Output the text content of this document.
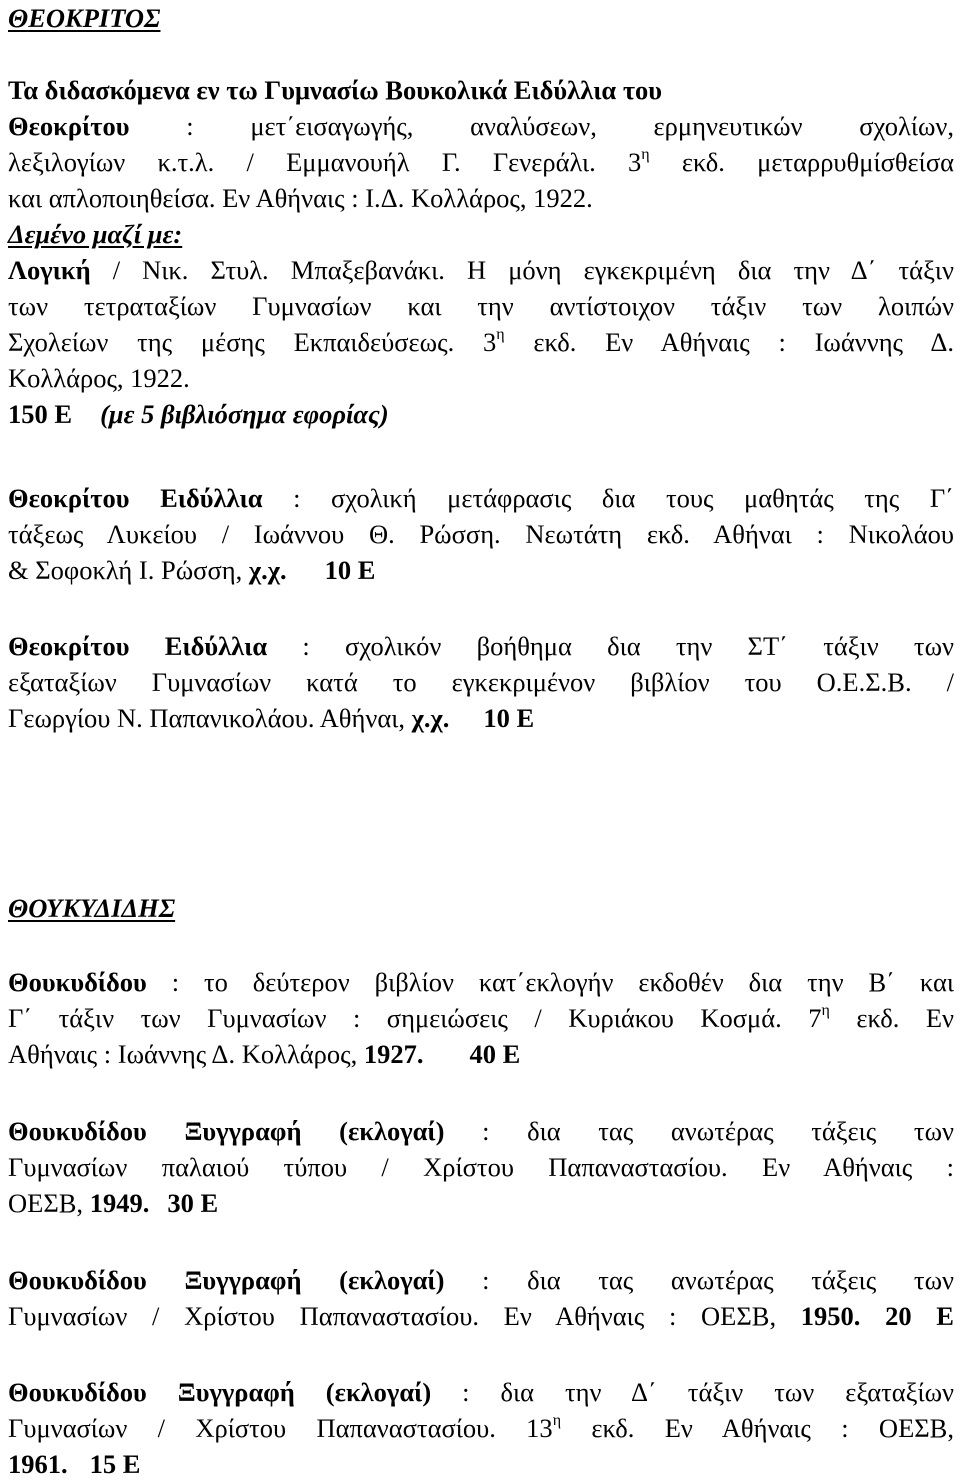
ΘΕΟΚΡΙΤΟΣ
Τα διδασκόμενα εν τω Γυμνασίω Βουκολικά Ειδύλλια του
Θεοκρίτου : μετ΄εισαγωγής, αναλύσεων, ερμηνευτικών σχολίων,
λεξιλογίων κ.τ.λ. / Εμμανουήλ Γ. Γενεράλι. $3^\eta$ εκδ. μεταρρυθμίσθείσα
και απλοποιηθείσα. Εν Αθήναις : Ι.Δ. Κολλάρος, 1922.
Δεμένο μαζί με:
Λογική / Νικ. Στυλ. Μπαξεβανάκι. Η μόνη εγκεκριμένη δια την Δ΄ τάξιν
των τετραταξίων Γυμνασίων και την αντίστοιχον τάξιν των λοιπών
Σχολείων της μέσης Εκπαιδεύσεως. $3^\eta$ εκδ. Εν Αθήναις : Ιωάννης Δ.
Κολλάρος, 1922.
150 Ε (με 5 βιβλιόσημα εφορίας)
Θεοκρίτου Ειδύλλια : σχολική μετάφρασις δια τους μαθητάς της Γ΄
τάξεως Λυκείου / Ιωάννου Θ. Ρώσση. Νεωτάτη εκδ. Αθήναι : Νικολάου
& Σοφοκλή Ι. Ρώσση, χ.χ. 10 Ε
Θεοκρίτου Ειδύλλια : σχολικόν βοήθημα δια την ΣΤ΄ τάξιν των
εξαταξίων Γυμνασίων κατά το εγκεκριμένον βιβλίον του Ο.Ε.Σ.Β. /
Γεωργίου Ν. Παπανικολάου. Αθήναι, χ.χ. 10 Ε
ΘΟΥΚΥΔΙΔΗΣ
Θουκυδίδου : το δεύτερον βιβλίον κατ΄εκλογήν εκδοθέν δια την Β΄ και
Γ΄ τάξιν των Γυμνασίων : σημειώσεις / Κυριάκου Κοσμά. $7^\eta$ εκδ. Εν
Αθήναις : Ιωάννης Δ. Κολλάρος, 1927. 40 Ε
Θουκυδίδου Ξυγγραφή (εκλογαί) : δια τας ανωτέρας τάξεις των
Γυμνασίων παλαιού τύπου / Χρίστου Παπαναστασίου. Εν Αθήναις :
ΟΕΣΒ, 1949. 30 Ε
Θουκυδίδου Ξυγγραφή (εκλογαί) : δια τας ανωτέρας τάξεις των
Γυμνασίων / Χρίστου Παπαναστασίου. Εν Αθήναις : ΟΕΣΒ, 1950. 20 Ε
Θουκυδίδου Ξυγγραφή (εκλογαί) : δια την Δ΄ τάξιν των εξαταξίων
Γυμνασίων / Χρίστου Παπαναστασίου. $13^\eta$ εκδ. Εν Αθήναις : ΟΕΣΒ,
1961. 15 Ε
